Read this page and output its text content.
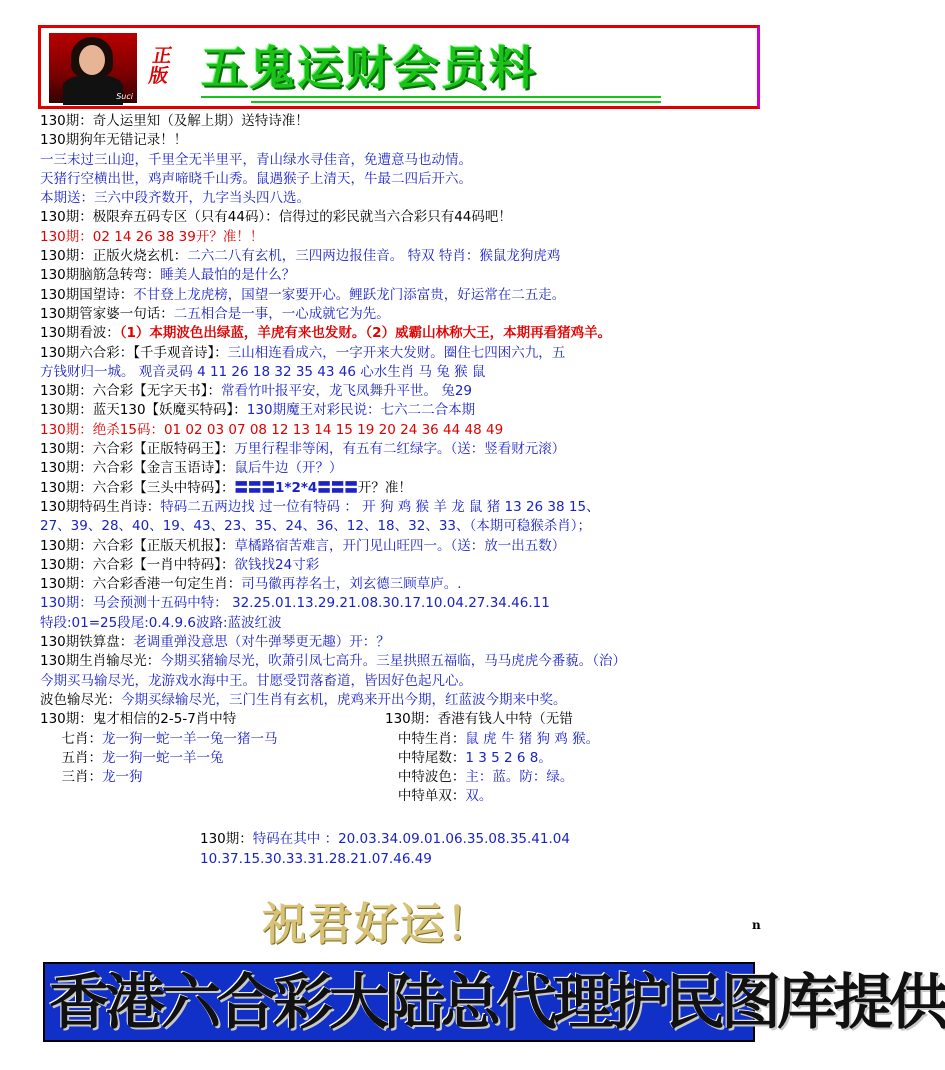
Suci
正版 五鬼运财会员料
130期：奇人运里知（及解上期）送特诗准！
130期狗年无错记录！！
一三末过三山迎，千里全无半里平，青山绿水寻佳音，免遭意马也动情。
天猪行空横出世，鸡声啼晓千山秀。鼠遇猴子上清天，牛最二四后开六。
本期送：三六中段齐数开，九字当头四八选。
130期：极限弃五码专区（只有44码）：信得过的彩民就当六合彩只有44码吧！
130期：02 14 26 38 39开？准！！
130期：正版火烧玄机：二六二八有玄机，三四两边报佳音。 特双 特肖：猴鼠龙狗虎鸡
130期脑筋急转弯：睡美人最怕的是什么？
130期国望诗：不甘登上龙虎榜，国望一家要开心。鲤跃龙门添富贵，好运常在二五走。
130期管家婆一句话：二五相合是一事，一心成就它为先。
130期看波：（1）本期波色出绿蓝，羊虎有来也发财。（2）威霸山林称大王，本期再看猪鸡羊。
130期六合彩：【千手观音诗】：三山相连看成六，一字开来大发财。圈住七四困六九，五
方钱财归一城。 观音灵码 4 11 26 18 32 35 43 46 心水生肖 马 兔 猴 鼠
130期：六合彩【无字天书】：常看竹叶报平安，龙飞凤舞升平世。 兔29
130期：蓝天130【妖魔买特码】：130期魔王对彩民说：七六二二合本期
130期：绝杀15码：01 02 03 07 08 12 13 14 15 19 20 24 36 44 48 49
130期：六合彩【正版特码王】：万里行程非等闲，有五有二红绿字。（送：竖看财元滚）
130期：六合彩【金言玉语诗】：鼠后牛边（开？）
130期：六合彩【三头中特码】：〓〓〓1*2*4〓〓〓开？准！
130期特码生肖诗：特码二五两边找 过一位有特码 ： 开 狗 鸡 猴 羊 龙 鼠 猪 13 26 38 15、
27、39、28、40、19、43、23、35、24、36、12、18、32、33、（本期可稳猴杀肖）；
130期：六合彩【正版天机报】：草橘路宿苦难言，开门见山旺四一。（送：放一出五数）
130期：六合彩【一肖中特码】：欲钱找24寸彩
130期：六合彩香港一句定生肖：司马徽再荐名士，刘玄德三顾草庐。.
130期：马会预测十五码中特： 32.25.01.13.29.21.08.30.17.10.04.27.34.46.11
特段:01=25段尾:0.4.9.6波路:蓝波红波
130期铁算盘：老调重弹没意思（对牛弹琴更无趣）开：？
130期生肖输尽光：今期买猪输尽光，吹萧引凤七高升。三星拱照五福临，马马虎虎今番藐。（治）
今期买马输尽光，龙游戏水海中王。甘愿受罚落畜道，皆因好色起凡心。
波色输尽光：今期买绿输尽光，三门生肖有玄机，虎鸡来开出今期，红蓝波今期来中奖。
130期：鬼才相信的2-5-7肖中特
七肖：龙一狗一蛇一羊一兔一猪一马
五肖：龙一狗一蛇一羊一兔
三肖：龙一狗
130期：香港有钱人中特（无错
中特生肖：鼠 虎 牛 猪 狗 鸡 猴。
中特尾数：1 3 5 2 6 8。
中特波色：主：蓝。防：绿。
中特单双：双。
130期：特码在其中 ：20.03.34.09.01.06.35.08.35.41.04
10.37.15.30.33.31.28.21.07.46.49
祝君好运！	n
香港六合彩大陆总代理护民图库提供
